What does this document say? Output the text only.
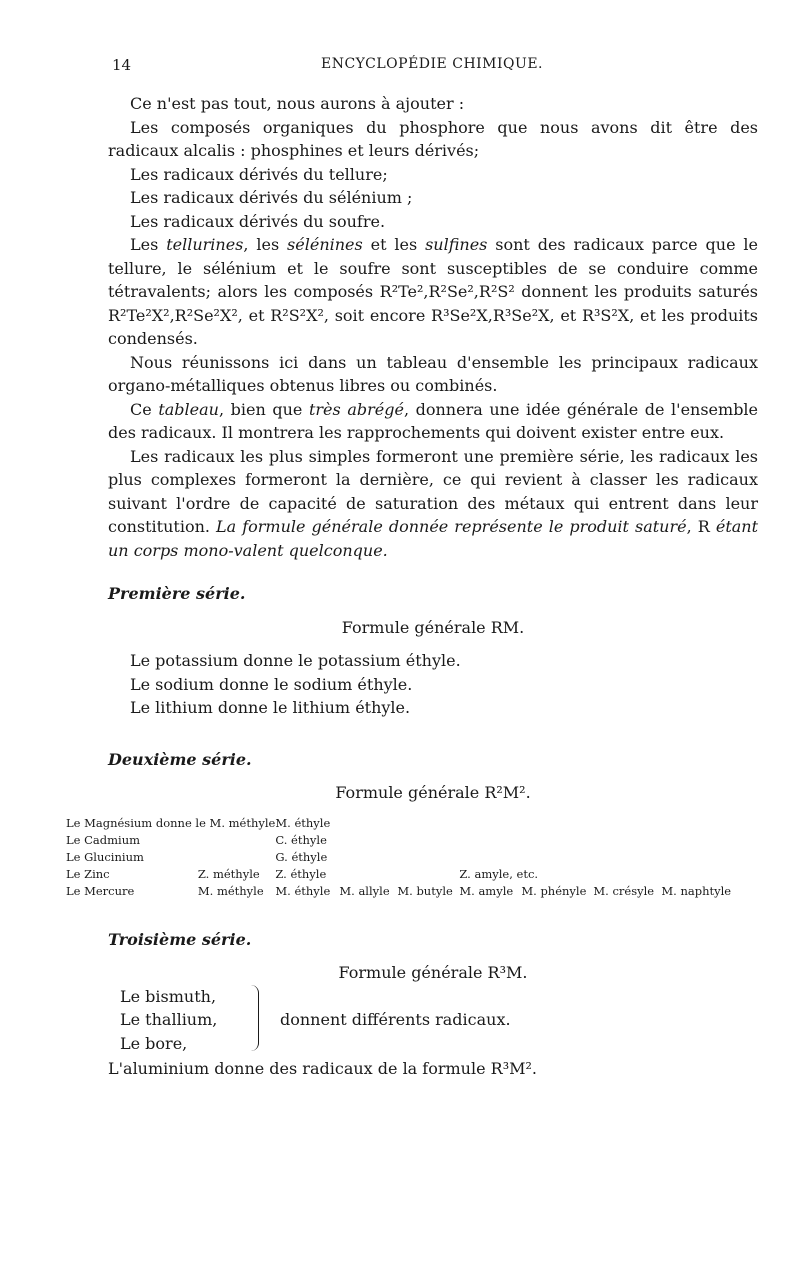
14	ENCYCLOPÉDIE CHIMIQUE.

Ce n'est pas tout, nous aurons à ajouter :

Les composés organiques du phosphore que nous avons dit être des radicaux alcalis : phosphines et leurs dérivés;

Les radicaux dérivés du tellure;

Les radicaux dérivés du sélénium ;

Les radicaux dérivés du soufre.

Les tellurines, les sélénines et les sulfines sont des radicaux parce que le tellure, le sélénium et le soufre sont susceptibles de se conduire comme tétravalents; alors les composés R²Te²,R²Se²,R²S² donnent les produits saturés R²Te²X²,R²Se²X², et R²S²X², soit encore R³Se²X,R³Se²X, et R³S²X, et les produits condensés.

Nous réunissons ici dans un tableau d'ensemble les principaux radicaux organo-métalliques obtenus libres ou combinés.

Ce tableau, bien que très abrégé, donnera une idée générale de l'ensemble des radicaux. Il montrera les rapprochements qui doivent exister entre eux.

Les radicaux les plus simples formeront une première série, les radicaux les plus complexes formeront la dernière, ce qui revient à classer les radicaux suivant l'ordre de capacité de saturation des métaux qui entrent dans leur constitution. La formule générale donnée représente le produit saturé, R étant un corps mono-valent quelconque.

Première série.

Formule générale RM.

Le potassium donne le potassium éthyle.

Le sodium donne le sodium éthyle.

Le lithium donne le lithium éthyle.

Deuxième série.

Formule générale R²M².

Le Magnésium donne le M. méthyle		M. éthyle						
Le Cadmium		C. éthyle						
Le Glucinium		G. éthyle						
Le Zinc	Z. méthyle	Z. éthyle			Z. amyle, etc.			
Le Mercure	M. méthyle	M. éthyle	M. allyle	M. butyle	M. amyle	M. phényle	M. crésyle	M. naphtyle

Troisième série.

Formule générale R³M.

Le bismuth,
Le thallium,
Le bore,
donnent différents radicaux.

L'aluminium donne des radicaux de la formule R³M².
